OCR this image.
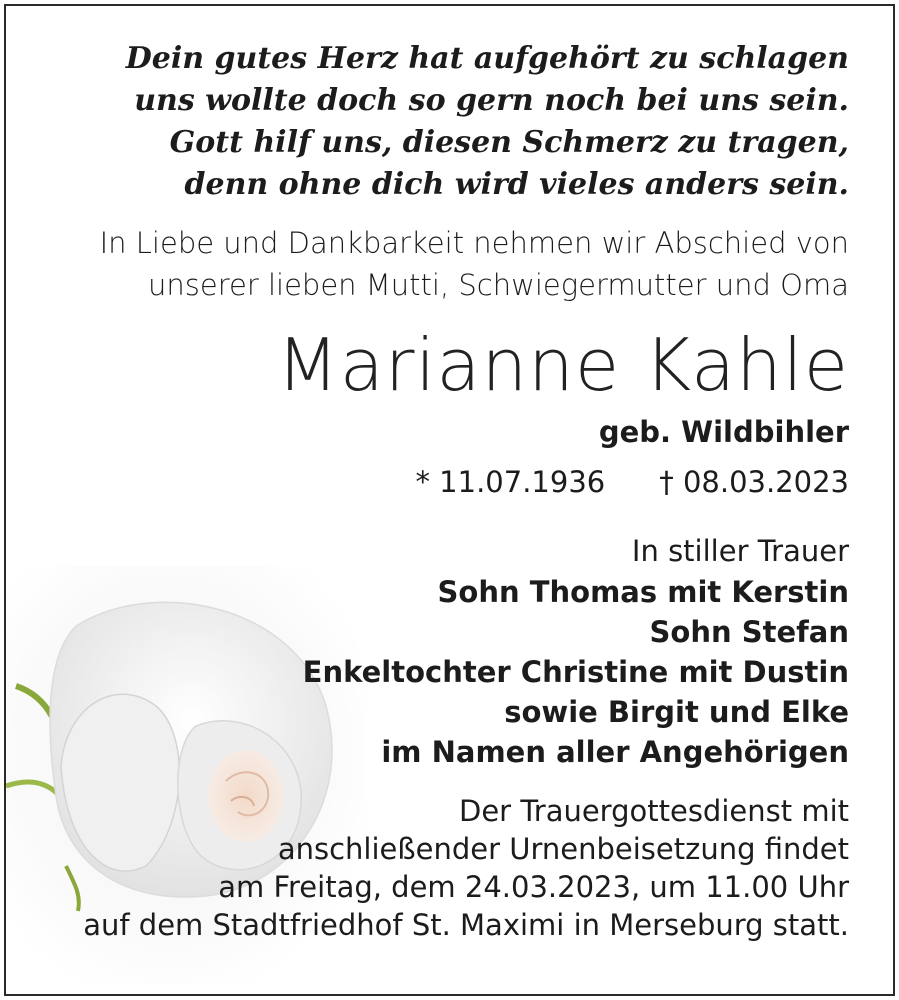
Dein gutes Herz hat aufgehört zu schlagen
uns wollte doch so gern noch bei uns sein.
Gott hilf uns, diesen Schmerz zu tragen,
denn ohne dich wird vieles anders sein.
In Liebe und Dankbarkeit nehmen wir Abschied von
unserer lieben Mutti, Schwiegermutter und Oma
Marianne Kahle
geb. Wildbihler
* 11.07.1936 † 08.03.2023
In stiller Trauer
Sohn Thomas mit Kerstin
Sohn Stefan
Enkeltochter Christine mit Dustin
sowie Birgit und Elke
im Namen aller Angehörigen
Der Trauergottesdienst mit
anschließender Urnenbeisetzung findet
am Freitag, dem 24.03.2023, um 11.00 Uhr
auf dem Stadtfriedhof St. Maximi in Merseburg statt.
